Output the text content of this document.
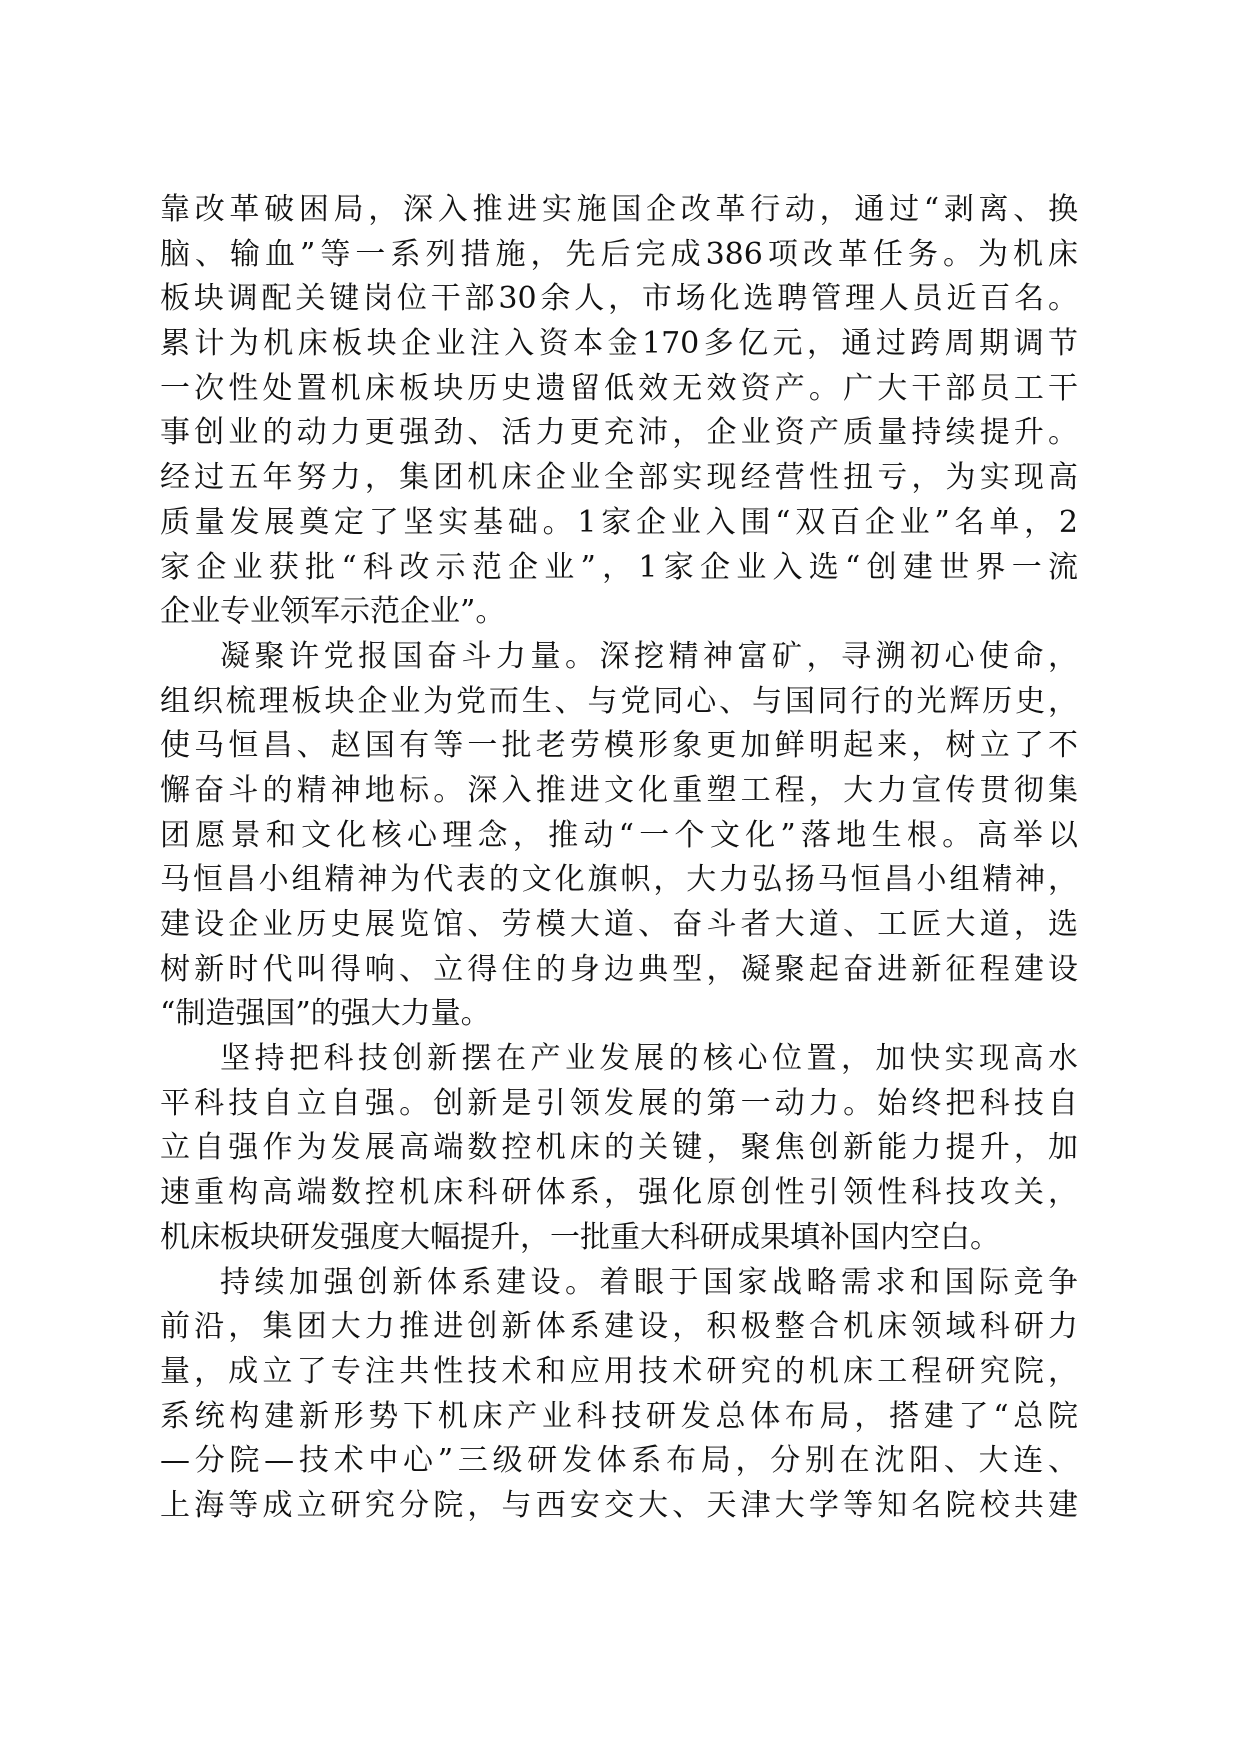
靠改革破困局，深入推进实施国企改革行动，通过“剥离、换
脑、输血”等一系列措施，先后完成386项改革任务。为机床
板块调配关键岗位干部30余人，市场化选聘管理人员近百名。
累计为机床板块企业注入资本金170多亿元，通过跨周期调节
一次性处置机床板块历史遗留低效无效资产。广大干部员工干
事创业的动力更强劲、活力更充沛，企业资产质量持续提升。
经过五年努力，集团机床企业全部实现经营性扭亏，为实现高
质量发展奠定了坚实基础。1家企业入围“双百企业”名单，2
家企业获批“科改示范企业”，1家企业入选“创建世界一流
企业专业领军示范企业”。
凝聚许党报国奋斗力量。深挖精神富矿，寻溯初心使命，
组织梳理板块企业为党而生、与党同心、与国同行的光辉历史，
使马恒昌、赵国有等一批老劳模形象更加鲜明起来，树立了不
懈奋斗的精神地标。深入推进文化重塑工程，大力宣传贯彻集
团愿景和文化核心理念，推动“一个文化”落地生根。高举以
马恒昌小组精神为代表的文化旗帜，大力弘扬马恒昌小组精神，
建设企业历史展览馆、劳模大道、奋斗者大道、工匠大道，选
树新时代叫得响、立得住的身边典型，凝聚起奋进新征程建设
“制造强国”的强大力量。
坚持把科技创新摆在产业发展的核心位置，加快实现高水
平科技自立自强。创新是引领发展的第一动力。始终把科技自
立自强作为发展高端数控机床的关键，聚焦创新能力提升，加
速重构高端数控机床科研体系，强化原创性引领性科技攻关，
机床板块研发强度大幅提升，一批重大科研成果填补国内空白。
持续加强创新体系建设。着眼于国家战略需求和国际竞争
前沿，集团大力推进创新体系建设，积极整合机床领域科研力
量，成立了专注共性技术和应用技术研究的机床工程研究院，
系统构建新形势下机床产业科技研发总体布局，搭建了“总院
—分院—技术中心”三级研发体系布局，分别在沈阳、大连、
上海等成立研究分院，与西安交大、天津大学等知名院校共建
